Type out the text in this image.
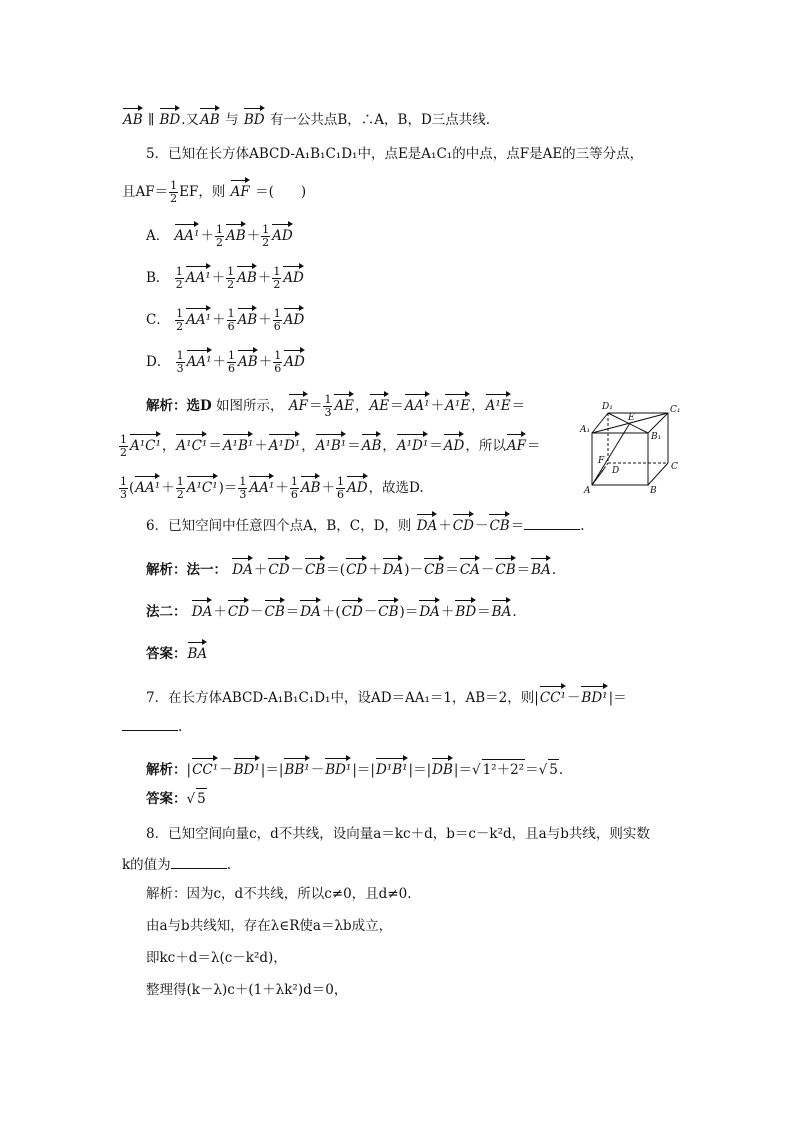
AB ∥ BD.又AB 与 BD 有一公共点B，∴A，B，D三点共线.
5．已知在长方体ABCD-A₁B₁C₁D₁中，点E是A₁C₁的中点，点F是AE的三等分点，
且$AF= \frac{1}{2}$ EF，则 AF ＝(　　)
A． $AA^1+ \frac{1}{2} AB+ \frac{1}{2}$ AD
B． $\frac{1}{2} AA^1+ \frac{1}{2} AB+ \frac{1}{2}$ AD
C． $\frac{1}{2} AA^1+ \frac{1}{6} AB+ \frac{1}{6}$ AD
D． $\frac{1}{3} AA^1+ \frac{1}{6} AB+ \frac{1}{6}$ AD
解析：选D 如图所示， $AF= \frac{1}{3}$ AE，AE＝AA¹＋A¹E，A¹E＝
$\frac{1}{2} A^1C^1$，A¹C¹＝A¹B¹＋A¹D¹，A¹B¹＝AB，A¹D¹＝AD，所以AF＝
$\frac{1}{3} (AA^1+ \frac{1}{2} A^1C^1)= \frac{1}{3} AA^1+ \frac{1}{6} AB+ \frac{1}{6}$ AD，故选D.
D₁
E
C₁
A₁
B₁
F
D	C
A	B
6．已知空间中任意四个点A，B，C，D，则 DA＋CD－CB＝	.
解析：法一： DA＋CD－CB＝(CD＋DA)－CB＝CA－CB＝BA.
法二： DA＋CD－CB＝DA＋(CD－CB)＝DA＋BD＝BA.
答案：BA
7．在长方体ABCD-A₁B₁C₁D₁中，设AD＝AA₁＝1，AB＝2，则|CC¹－BD¹|＝
.
解析：|CC¹－BD¹|＝|BB¹－BD¹|＝|D¹B¹|＝|DB|＝√ 1²＋2²＝√ 5.
答案：√ 5
8．已知空间向量c，d不共线，设向量a＝kc＋d，b＝c－k²d，且a与b共线，则实数
k的值为	.
解析：因为c，d不共线，所以c≠0，且d≠0.
由a与b共线知，存在λ∈R使a＝λb成立，
即kc＋d＝λ(c－k²d)，
整理得(k－λ)c＋(1＋λk²)d＝0，
